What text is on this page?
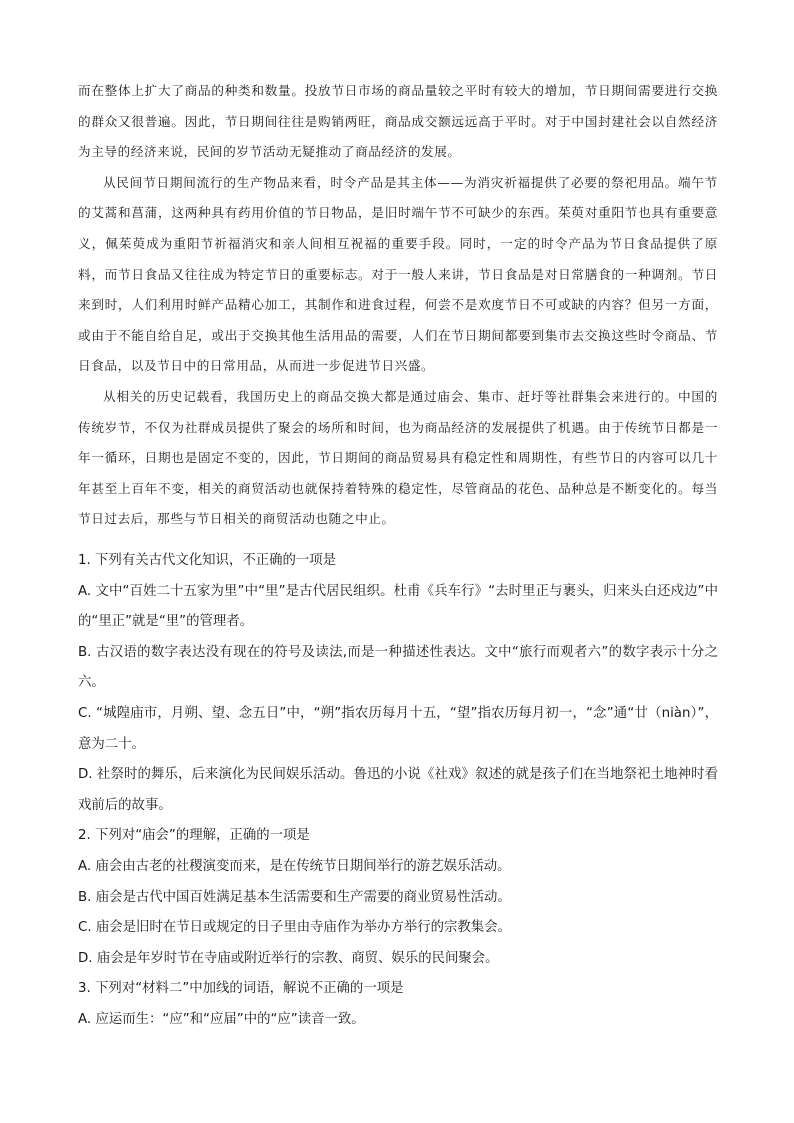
而在整体上扩大了商品的种类和数量。投放节日市场的商品量较之平时有较大的增加，节日期间需要进行交换的群众又很普遍。因此，节日期间往往是购销两旺，商品成交额远远高于平时。对于中国封建社会以自然经济为主导的经济来说，民间的岁节活动无疑推动了商品经济的发展。

从民间节日期间流行的生产物品来看，时令产品是其主体——为消灾祈福提供了必要的祭祀用品。端午节的艾蒿和菖蒲，这两种具有药用价值的节日物品，是旧时端午节不可缺少的东西。茱萸对重阳节也具有重要意义，佩茱萸成为重阳节祈福消灾和亲人间相互祝福的重要手段。同时，一定的时令产品为节日食品提供了原料，而节日食品又往往成为特定节日的重要标志。对于一般人来讲，节日食品是对日常膳食的一种调剂。节日来到时，人们利用时鲜产品精心加工，其制作和进食过程，何尝不是欢度节日不可或缺的内容？但另一方面，或由于不能自给自足，或出于交换其他生活用品的需要，人们在节日期间都要到集市去交换这些时令商品、节日食品，以及节日中的日常用品，从而进一步促进节日兴盛。

从相关的历史记载看，我国历史上的商品交换大都是通过庙会、集市、赶圩等社群集会来进行的。中国的传统岁节，不仅为社群成员提供了聚会的场所和时间，也为商品经济的发展提供了机遇。由于传统节日都是一年一循环，日期也是固定不变的，因此，节日期间的商品贸易具有稳定性和周期性，有些节日的内容可以几十年甚至上百年不变，相关的商贸活动也就保持着特殊的稳定性，尽管商品的花色、品种总是不断变化的。每当节日过去后，那些与节日相关的商贸活动也随之中止。

1. 下列有关古代文化知识，不正确的一项是

A. 文中“百姓二十五家为里”中“里”是古代居民组织。杜甫《兵车行》“去时里正与裹头，归来头白还戍边”中的“里正”就是“里”的管理者。

B. 古汉语的数字表达没有现在的符号及读法,而是一种描述性表达。文中“旅行而观者六”的数字表示十分之六。

C. “城隍庙市，月朔、望、念五日”中，“朔”指农历每月十五，“望”指农历每月初一，“念”通“廿（niàn）”，意为二十。

D. 社祭时的舞乐，后来演化为民间娱乐活动。鲁迅的小说《社戏》叙述的就是孩子们在当地祭祀土地神时看戏前后的故事。

2. 下列对“庙会”的理解，正确的一项是

A. 庙会由古老的社稷演变而来，是在传统节日期间举行的游艺娱乐活动。

B. 庙会是古代中国百姓满足基本生活需要和生产需要的商业贸易性活动。

C. 庙会是旧时在节日或规定的日子里由寺庙作为举办方举行的宗教集会。

D. 庙会是年岁时节在寺庙或附近举行的宗教、商贸、娱乐的民间聚会。

3. 下列对“材料二”中加线的词语，解说不正确的一项是

A. 应运而生：“应”和“应届”中的“应”读音一致。
